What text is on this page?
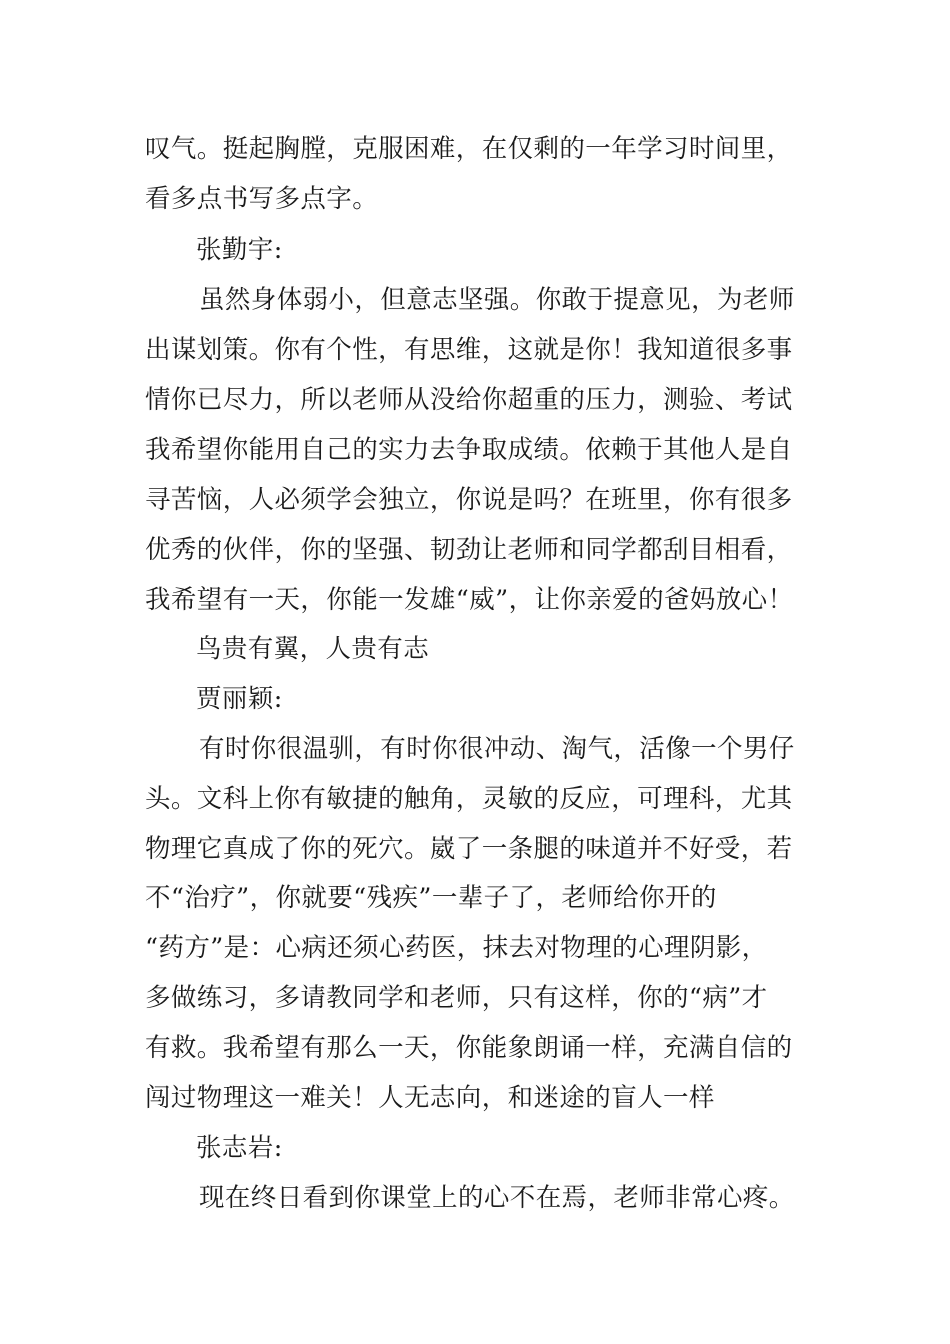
叹气。挺起胸膛，克服困难，在仅剩的一年学习时间里，
看多点书写多点字。
张勤宇:
虽然身体弱小，但意志坚强。你敢于提意见，为老师
出谋划策。你有个性，有思维，这就是你！我知道很多事
情你已尽力，所以老师从没给你超重的压力，测验、考试
我希望你能用自己的实力去争取成绩。依赖于其他人是自
寻苦恼，人必须学会独立，你说是吗？在班里，你有很多
优秀的伙伴，你的坚强、韧劲让老师和同学都刮目相看，
我希望有一天，你能一发雄“威”，让你亲爱的爸妈放心！
鸟贵有翼，人贵有志
贾丽颖:
有时你很温驯，有时你很冲动、淘气，活像一个男仔
头。文科上你有敏捷的触角，灵敏的反应，可理科，尤其
物理它真成了你的死穴。崴了一条腿的味道并不好受，若
不“治疗”，你就要“残疾”一辈子了，老师给你开的
“药方”是：心病还须心药医，抹去对物理的心理阴影，
多做练习，多请教同学和老师，只有这样，你的“病”才
有救。我希望有那么一天，你能象朗诵一样，充满自信的
闯过物理这一难关！人无志向，和迷途的盲人一样
张志岩:
现在终日看到你课堂上的心不在焉，老师非常心疼。
